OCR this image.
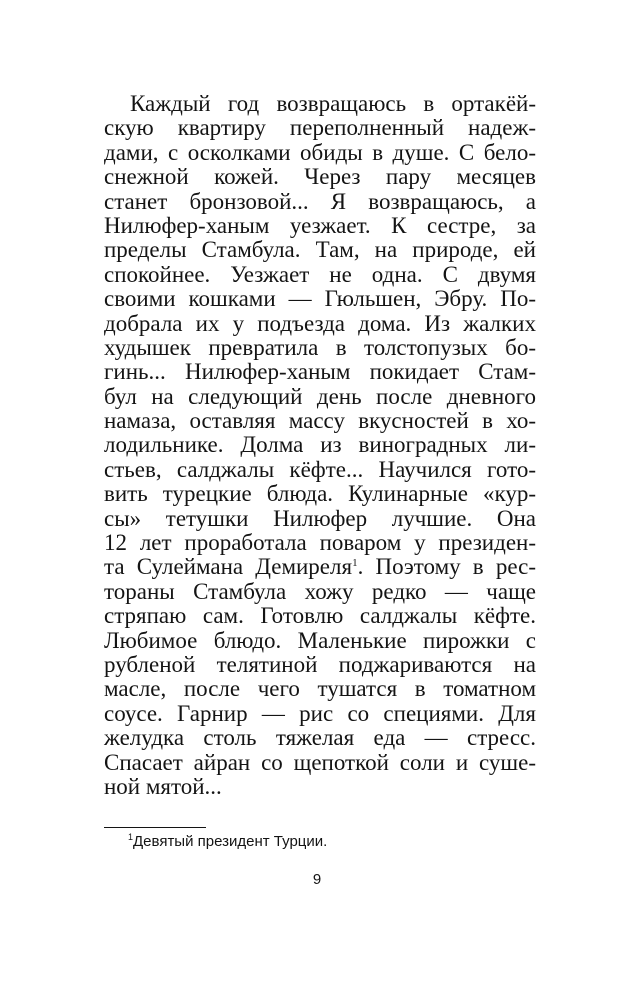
Каждый год возвращаюсь в ортакёй-
скую квартиру переполненный надеж-
дами, с осколками обиды в душе. С бело-
снежной кожей. Через пару месяцев
станет бронзовой... Я возвращаюсь, а
Нилюфер-ханым уезжает. К сестре, за
пределы Стамбула. Там, на природе, ей
спокойнее. Уезжает не одна. С двумя
своими кошками — Гюльшен, Эбру. По-
добрала их у подъезда дома. Из жалких
худышек превратила в толстопузых бо-
гинь... Нилюфер-ханым покидает Стам-
бул на следующий день после дневного
намаза, оставляя массу вкусностей в хо-
лодильнике. Долма из виноградных ли-
стьев, салджалы кёфте... Научился гото-
вить турецкие блюда. Кулинарные «кур-
сы» тетушки Нилюфер лучшие. Она
12 лет проработала поваром у президен-
та Сулеймана Демиреля$^1$. Поэтому в рес-
тораны Стамбула хожу редко — чаще
стряпаю сам. Готовлю салджалы кёфте.
Любимое блюдо. Маленькие пирожки с
рубленой телятиной поджариваются на
масле, после чего тушатся в томатном
соусе. Гарнир — рис со специями. Для
желудка столь тяжелая еда — стресс.
Спасает айран со щепоткой соли и суше-
ной мятой...
$^1$Девятый президент Турции.
9
